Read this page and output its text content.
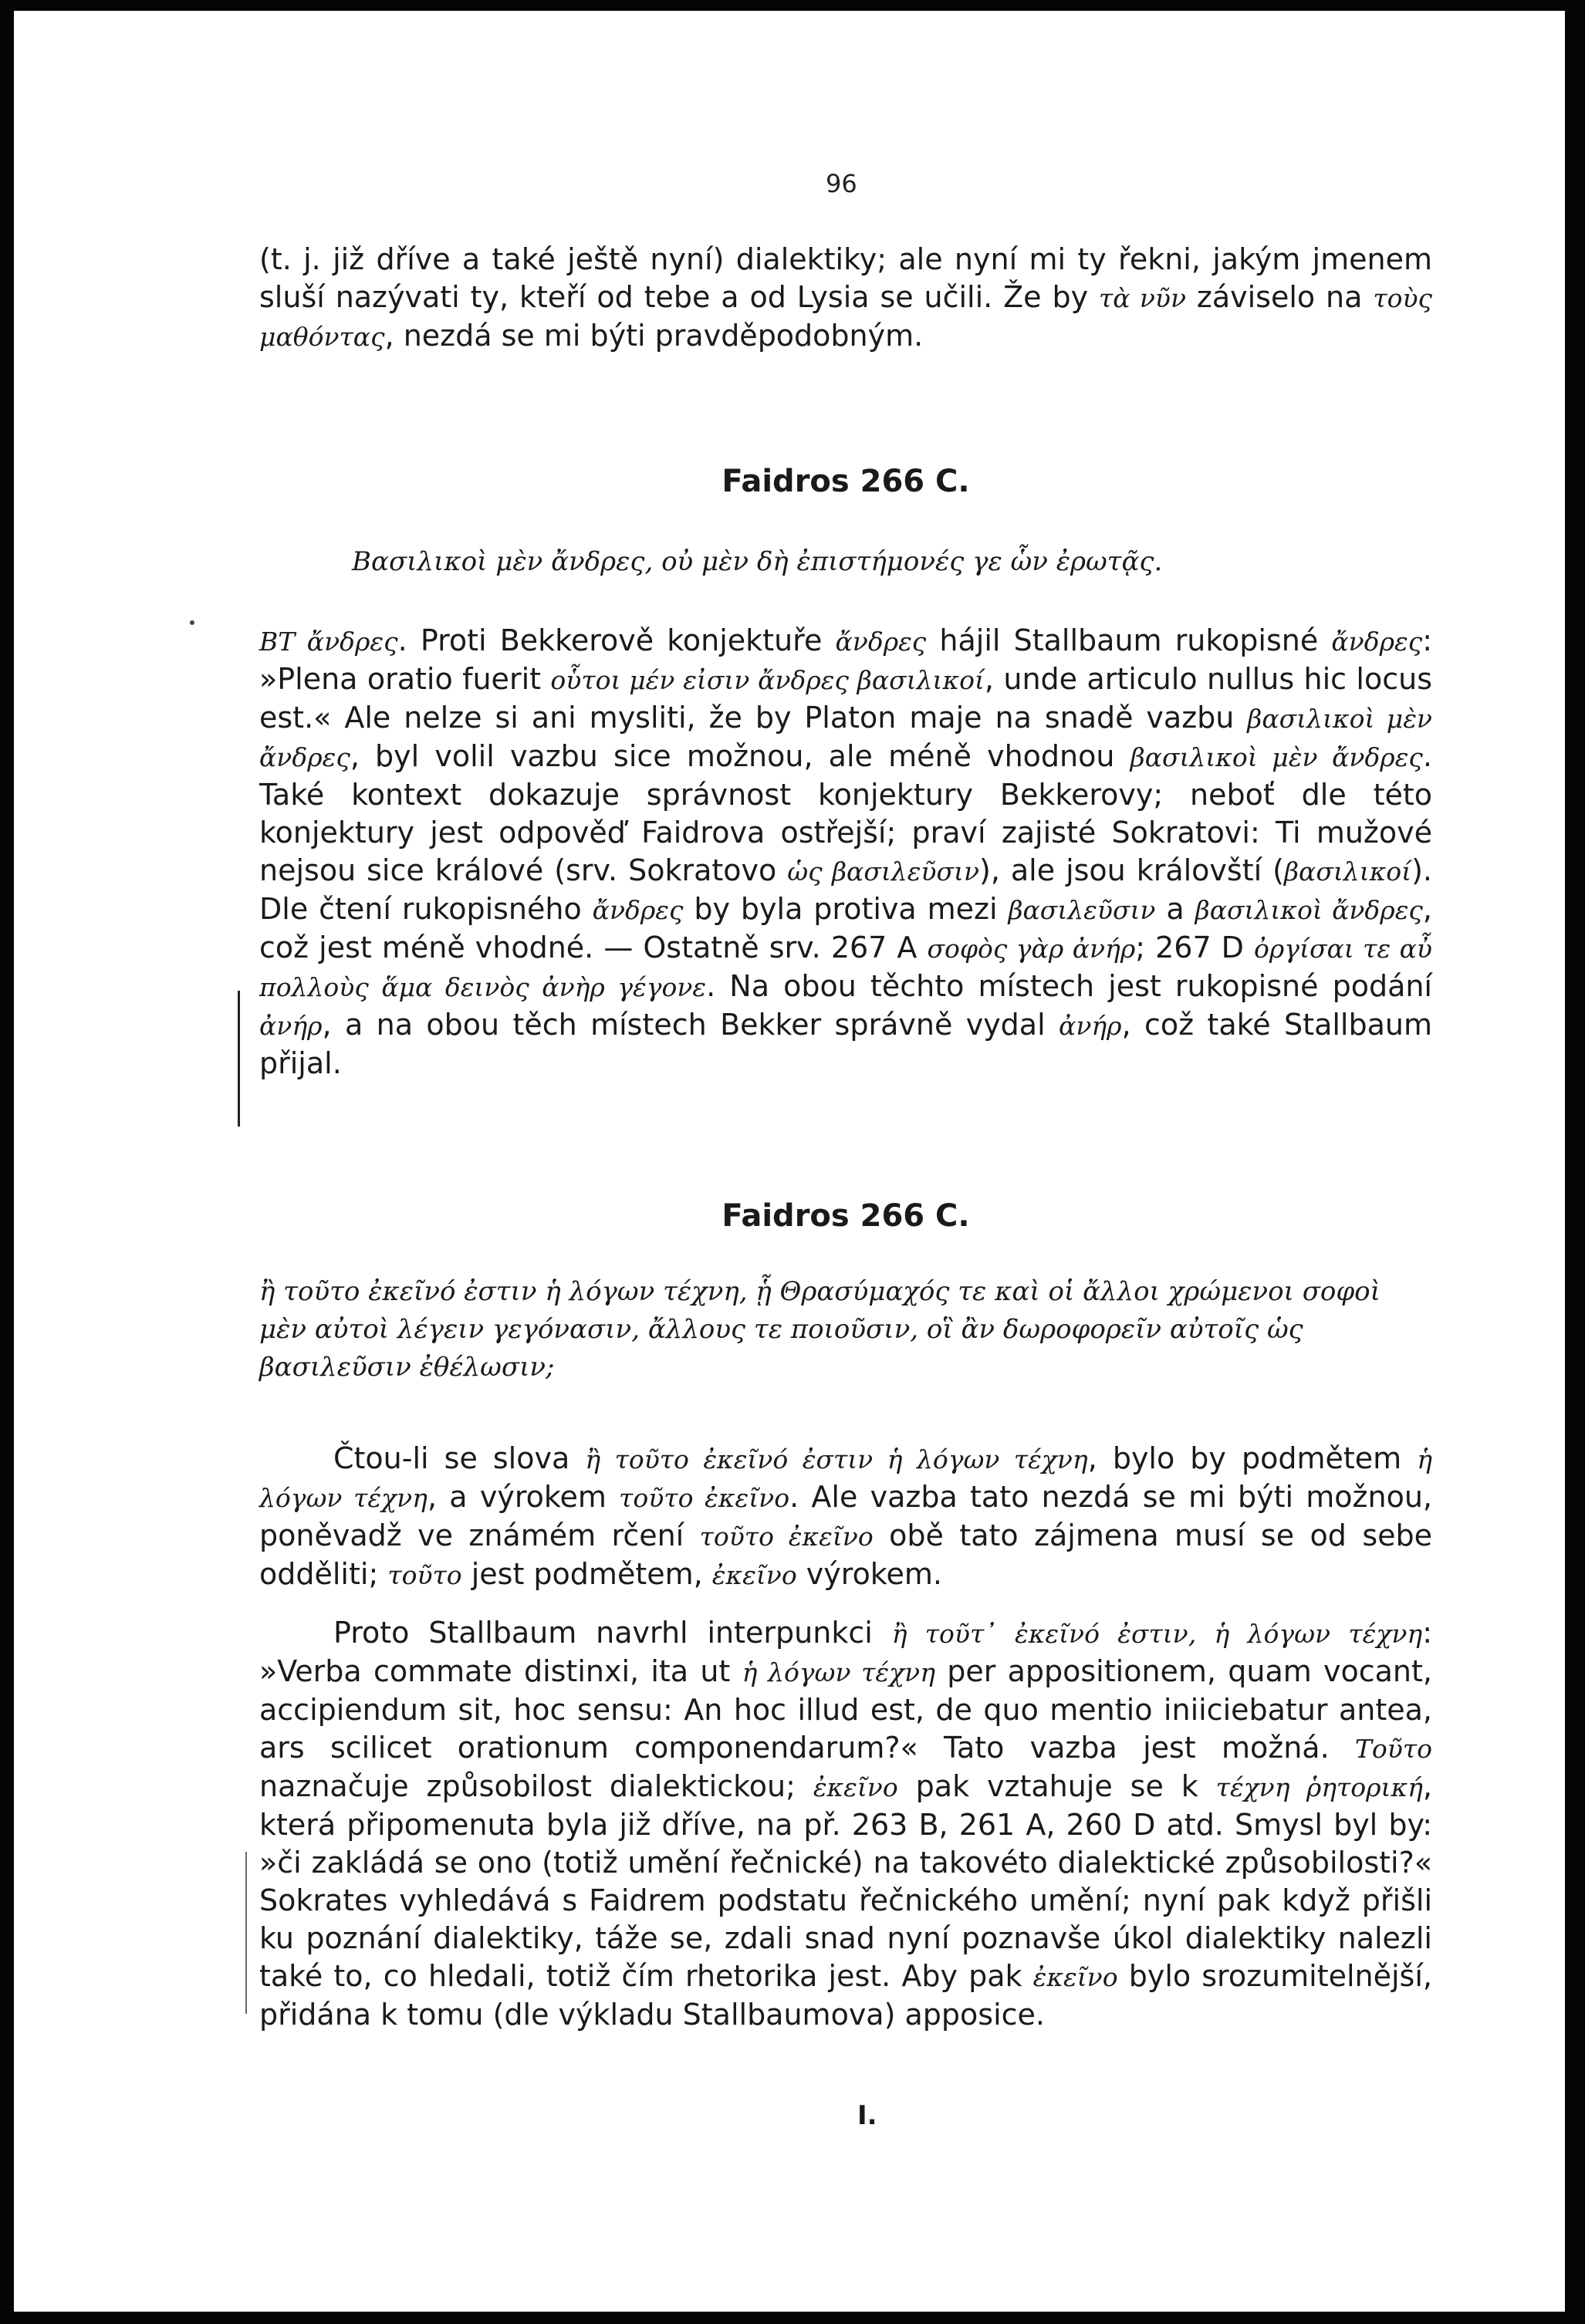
96

(t. j. již dříve a také ještě nyní) dialektiky; ale nyní mi ty řekni, jakým jmenem sluší nazývati ty, kteří od tebe a od Lysia se učili. Že by τὰ νῦν záviselo na τοὺς μαθόντας, nezdá se mi býti pravděpodobným.

Faidros 266 C.
Βασιλικοὶ μὲν ἄνδρες, οὐ μὲν δὴ ἐπιστήμονές γε ὧν ἐρωτᾷς.

BT ἄνδρες. Proti Bekkerově konjektuře ἄνδρες hájil Stallbaum rukopisné ἄνδρες: »Plena oratio fuerit οὗτοι μέν εἰσιν ἄνδρες βασιλικοί, unde articulo nullus hic locus est.« Ale nelze si ani mysliti, že by Platon maje na snadě vazbu βασιλικοὶ μὲν ἄνδρες, byl volil vazbu sice možnou, ale méně vhodnou βασιλικοὶ μὲν ἄνδρες. Také kontext dokazuje správnost konjektury Bekkerovy; neboť dle této konjektury jest odpověď Faidrova ostřejší; praví zajisté Sokratovi: Ti mužové nejsou sice králové (srv. Sokratovo ὡς βασιλεῦσιν), ale jsou královští (βασιλικοί). Dle čtení rukopisného ἄνδρες by byla protiva mezi βασιλεῦσιν a βασιλικοὶ ἄνδρες, což jest méně vhodné. — Ostatně srv. 267 A σοφὸς γὰρ ἀνήρ; 267 D ὀργίσαι τε αὖ πολλοὺς ἅμα δεινὸς ἀνὴρ γέγονε. Na obou těchto místech jest rukopisné podání ἀνήρ, a na obou těch místech Bekker správně vydal ἀνήρ, což také Stallbaum přijal.

Faidros 266 C.
ἢ τοῦτο ἐκεῖνό ἐστιν ἡ λόγων τέχνη, ᾗ Θρασύμαχός τε καὶ οἱ ἄλλοι χρώμενοι σοφοὶ μὲν αὐτοὶ λέγειν γεγόνασιν, ἄλλους τε ποιοῦσιν, οἳ ἂν δωροφορεῖν αὐτοῖς ὡς βασιλεῦσιν ἐθέλωσιν;

Čtou-li se slova ἢ τοῦτο ἐκεῖνό ἐστιν ἡ λόγων τέχνη, bylo by podmětem ἡ λόγων τέχνη, a výrokem τοῦτο ἐκεῖνο. Ale vazba tato nezdá se mi býti možnou, poněvadž ve známém rčení τοῦτο ἐκεῖνο obě tato zájmena musí se od sebe odděliti; τοῦτο jest podmětem, ἐκεῖνο výrokem.

Proto Stallbaum navrhl interpunkci ἢ τοῦτ᾽ ἐκεῖνό ἐστιν, ἡ λόγων τέχνη: »Verba commate distinxi, ita ut ἡ λόγων τέχνη per appositionem, quam vocant, accipiendum sit, hoc sensu: An hoc illud est, de quo mentio iniiciebatur antea, ars scilicet orationum componendarum?« Tato vazba jest možná. Τοῦτο naznačuje způsobilost dialektickou; ἐκεῖνο pak vztahuje se k τέχνη ῥητορική, která připomenuta byla již dříve, na př. 263 B, 261 A, 260 D atd. Smysl byl by: »či zakládá se ono (totiž umění řečnické) na takovéto dialektické způsobilosti?« Sokrates vyhledává s Faidrem podstatu řečnického umění; nyní pak když přišli ku poznání dialektiky, táže se, zdali snad nyní poznavše úkol dialektiky nalezli také to, co hledali, totiž čím rhetorika jest. Aby pak ἐκεῖνο bylo srozumitelnější, přidána k tomu (dle výkladu Stallbaumova) apposice.

I.
